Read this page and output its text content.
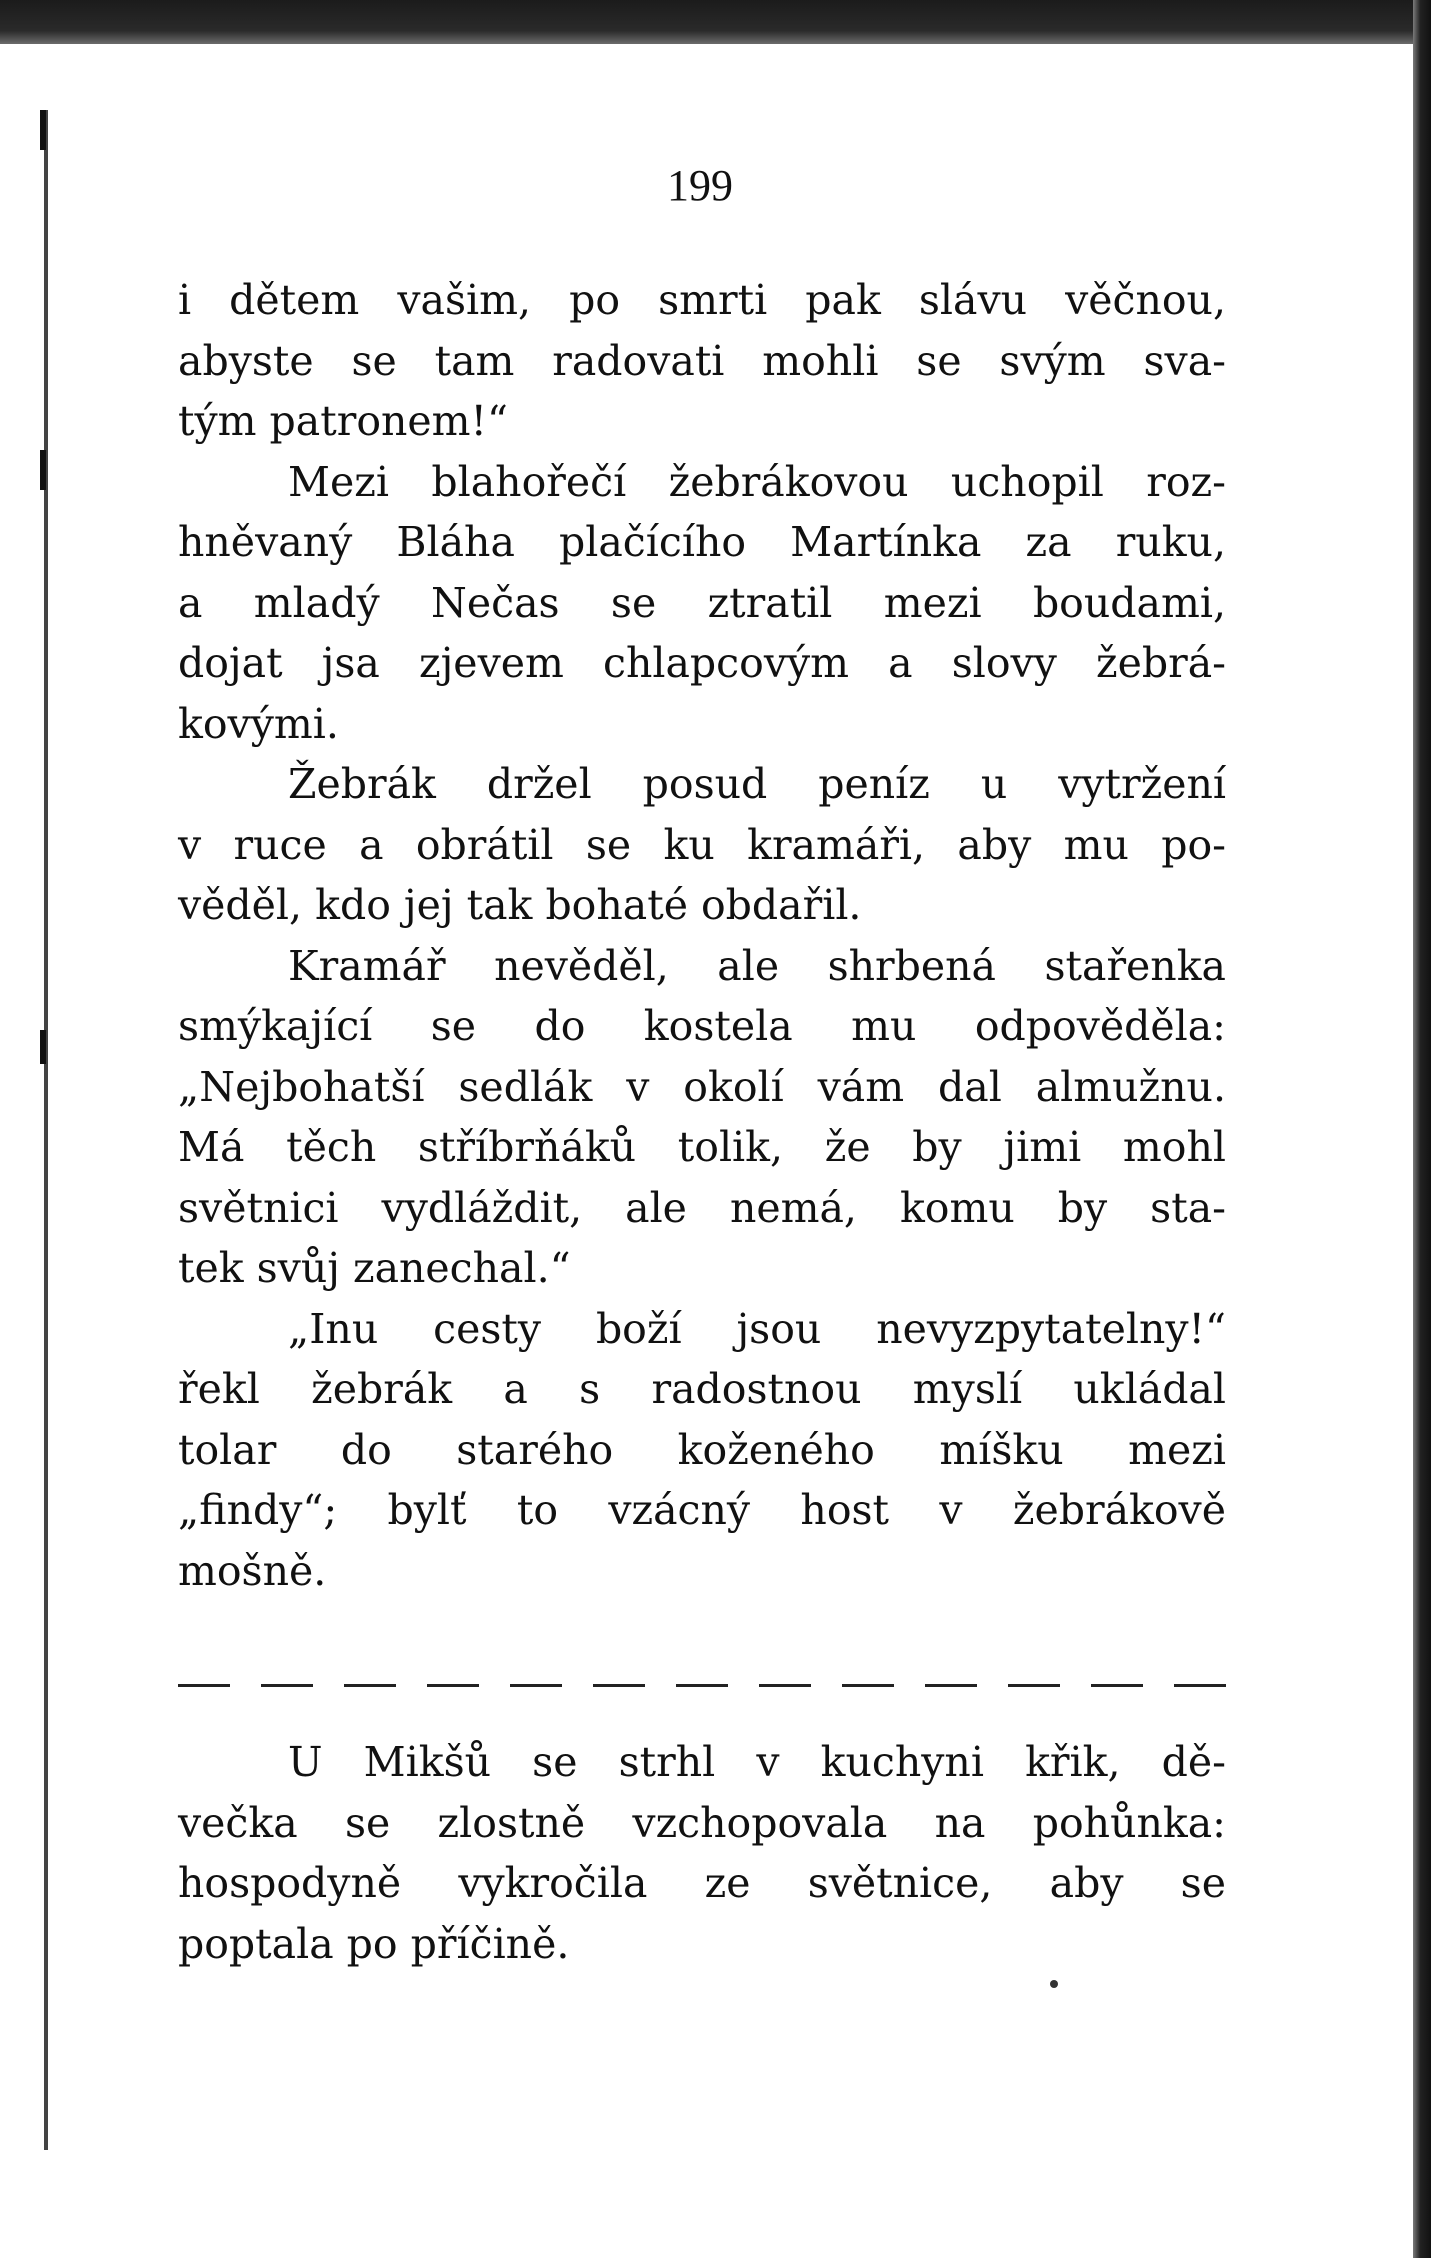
199
i dětem vašim, po smrti pak slávu věčnou,
abyste se tam radovati mohli se svým sva-
tým patronem!“
Mezi blahořečí žebrákovou uchopil roz-
hněvaný Bláha plačícího Martínka za ruku,
a mladý Nečas se ztratil mezi boudami,
dojat jsa zjevem chlapcovým a slovy žebrá-
kovými.
Žebrák držel posud peníz u vytržení
v ruce a obrátil se ku kramáři, aby mu po-
věděl, kdo jej tak bohaté obdařil.
Kramář nevěděl, ale shrbená stařenka
smýkající se do kostela mu odpověděla:
„Nejbohatší sedlák v okolí vám dal almužnu.
Má těch stříbrňáků tolik, že by jimi mohl
světnici vydláždit, ale nemá, komu by sta-
tek svůj zanechal.“
„Inu cesty boží jsou nevyzpytatelny!“
řekl žebrák a s radostnou myslí ukládal
tolar do starého koženého míšku mezi
„findy“; bylť to vzácný host v žebrákově
mošně.
U Mikšů se strhl v kuchyni křik, dě-
večka se zlostně vzchopovala na pohůnka:
hospodyně vykročila ze světnice, aby se
poptala po příčině.
